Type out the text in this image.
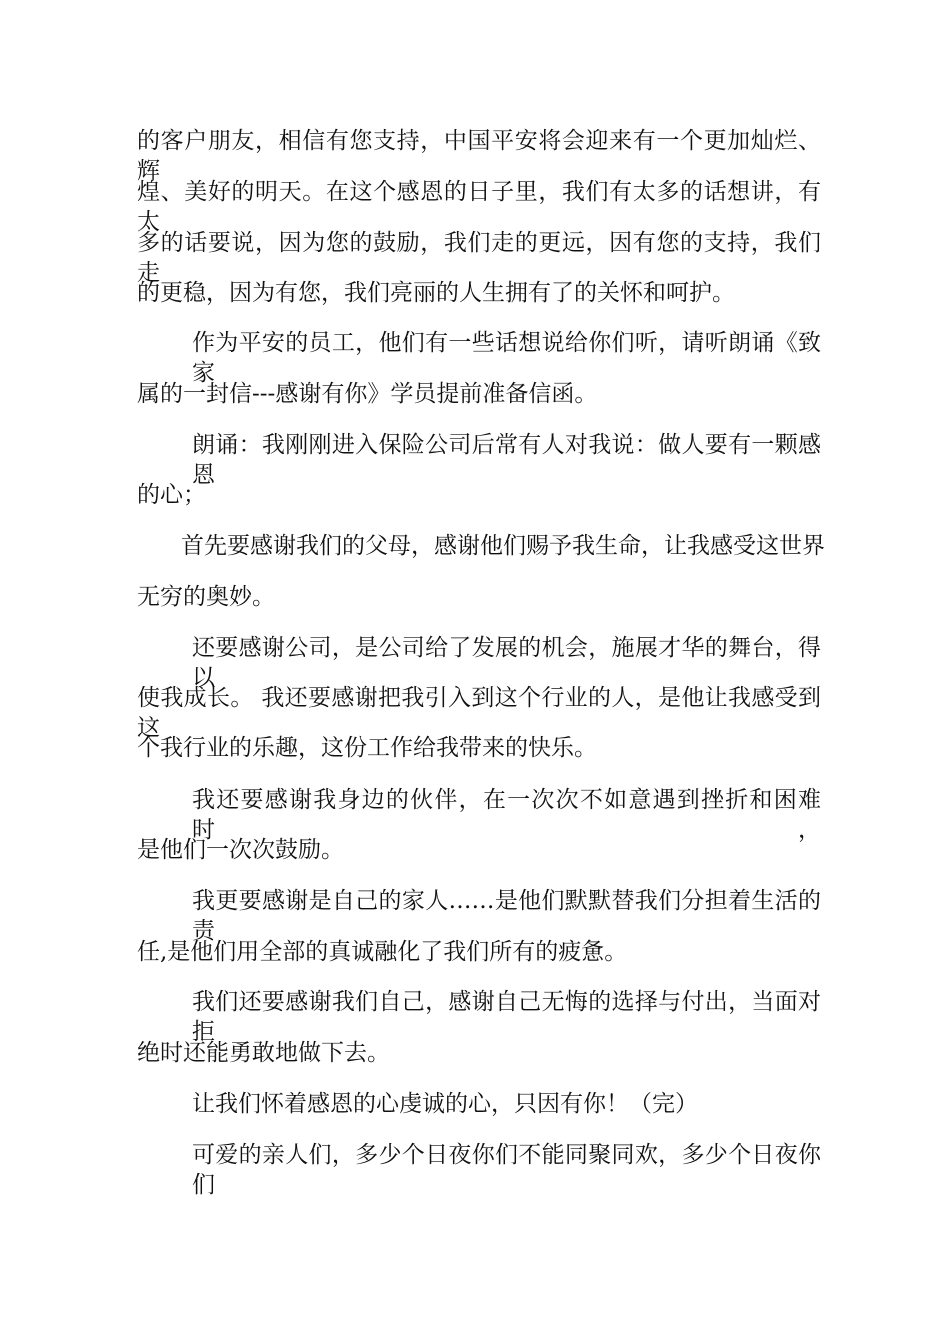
的客户朋友，相信有您支持，中国平安将会迎来有一个更加灿烂、辉
煌、美好的明天。在这个感恩的日子里，我们有太多的话想讲，有太
多的话要说，因为您的鼓励，我们走的更远，因有您的支持，我们走
的更稳，因为有您，我们亮丽的人生拥有了的关怀和呵护。
作为平安的员工，他们有一些话想说给你们听，请听朗诵《致家
属的一封信---感谢有你》学员提前准备信函。
朗诵：我刚刚进入保险公司后常有人对我说：做人要有一颗感恩
的心；
首先要感谢我们的父母，感谢他们赐予我生命，让我感受这世界
无穷的奥妙。
还要感谢公司，是公司给了发展的机会，施展才华的舞台，得以
使我成长。 我还要感谢把我引入到这个行业的人，是他让我感受到这
个我行业的乐趣，这份工作给我带来的快乐。
我还要感谢我身边的伙伴，在一次次不如意遇到挫折和困难时，
是他们一次次鼓励。
我更要感谢是自己的家人……是他们默默替我们分担着生活的责
任,是他们用全部的真诚融化了我们所有的疲惫。
我们还要感谢我们自己，感谢自己无悔的选择与付出，当面对拒
绝时还能勇敢地做下去。
让我们怀着感恩的心虔诚的心，只因有你！（完）
可爱的亲人们，多少个日夜你们不能同聚同欢，多少个日夜你们
